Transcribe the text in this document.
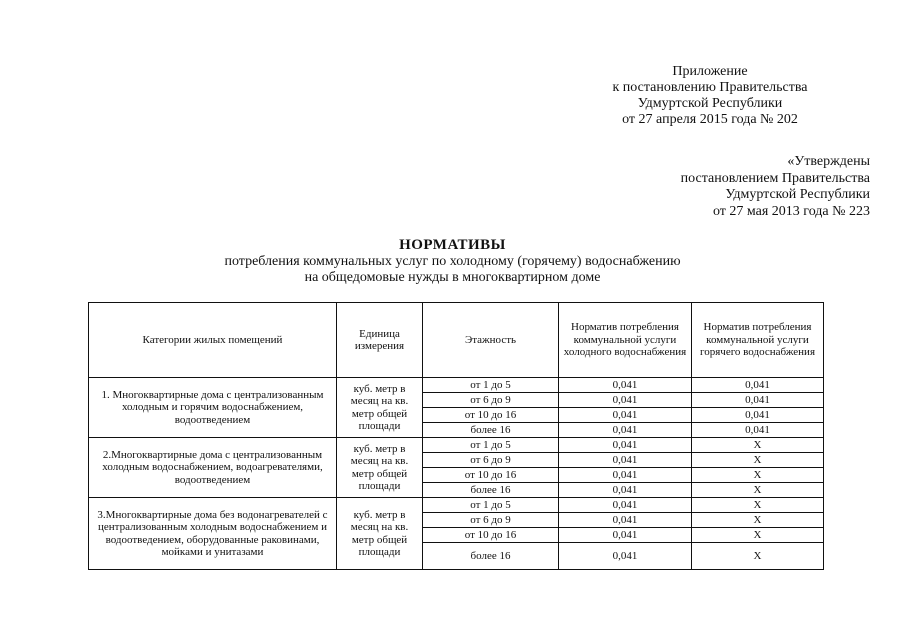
Приложение
к постановлению Правительства
Удмуртской Республики
от 27 апреля 2015 года № 202
«Утверждены
постановлением Правительства
Удмуртской Республики
от 27 мая 2013 года № 223
НОРМАТИВЫ
потребления коммунальных услуг по холодному (горячему) водоснабжению
на общедомовые нужды в многоквартирном доме
Категории жилых помещений	Единица измерения	Этажность	Норматив потребления коммунальной услуги холодного водоснабжения	Норматив потребления коммунальной услуги горячего водоснабжения
1. Многоквартирные дома с централизованным холодным и горячим водоснабжением, водоотведением	куб. метр в месяц на кв. метр общей площади	от 1 до 5	0,041	0,041
		от 6 до 9	0,041	0,041
		от 10 до 16	0,041	0,041
		более 16	0,041	0,041
2.Многоквартирные дома с централизованным холодным водоснабжением, водоагревателями, водоотведением	куб. метр в месяц на кв. метр общей площади	от 1 до 5	0,041	Х
		от 6 до 9	0,041	Х
		от 10 до 16	0,041	Х
		более 16	0,041	Х
3.Многоквартирные дома без водонагревателей с централизованным холодным водоснабжением и водоотведением, оборудованные раковинами, мойками и унитазами	куб. метр в месяц на кв. метр общей площади	от 1 до 5	0,041	Х
		от 6 до 9	0,041	Х
		от 10 до 16	0,041	Х
		более 16	0,041	Х
